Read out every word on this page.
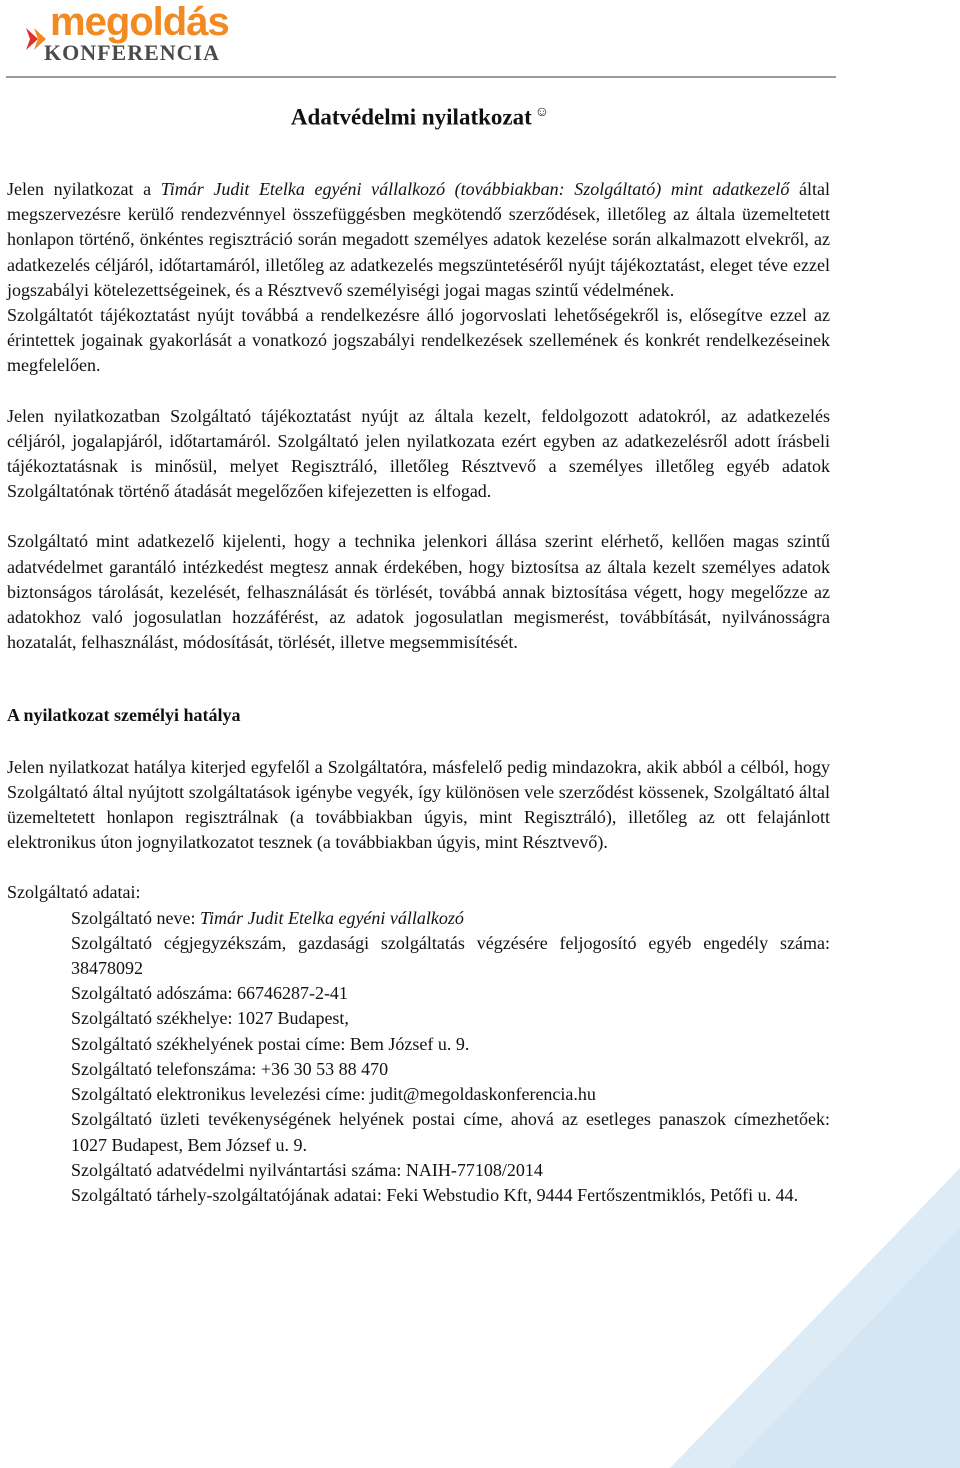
megoldás
KONFERENCIA
Adatvédelmi nyilatkozat ☺

Jelen nyilatkozat a Timár Judit Etelka egyéni vállalkozó (továbbiakban: Szolgáltató) mint adatkezelő által megszervezésre kerülő rendezvénnyel összefüggésben megkötendő szerződések, illetőleg az általa üzemeltetett honlapon történő, önkéntes regisztráció során megadott személyes adatok kezelése során alkalmazott elvekről, az adatkezelés céljáról, időtartamáról, illetőleg az adatkezelés megszüntetéséről nyújt tájékoztatást, eleget téve ezzel jogszabályi kötelezettségeinek, és a Résztvevő személyiségi jogai magas szintű védelmének.

Szolgáltatót tájékoztatást nyújt továbbá a rendelkezésre álló jogorvoslati lehetőségekről is, elősegítve ezzel az érintettek jogainak gyakorlását a vonatkozó jogszabályi rendelkezések szellemének és konkrét rendelkezéseinek megfelelően.

Jelen nyilatkozatban Szolgáltató tájékoztatást nyújt az általa kezelt, feldolgozott adatokról, az adatkezelés céljáról, jogalapjáról, időtartamáról. Szolgáltató jelen nyilatkozata ezért egyben az adatkezelésről adott írásbeli tájékoztatásnak is minősül, melyet Regisztráló, illetőleg Résztvevő a személyes illetőleg egyéb adatok Szolgáltatónak történő átadását megelőzően kifejezetten is elfogad.

Szolgáltató mint adatkezelő kijelenti, hogy a technika jelenkori állása szerint elérhető, kellően magas szintű adatvédelmet garantáló intézkedést megtesz annak érdekében, hogy biztosítsa az általa kezelt személyes adatok biztonságos tárolását, kezelését, felhasználását és törlését, továbbá annak biztosítása végett, hogy megelőzze az adatokhoz való jogosulatlan hozzáférést, az adatok jogosulatlan megismerést, továbbítását, nyilvánosságra hozatalát, felhasználást, módosítását, törlését, illetve megsemmisítését.

A nyilatkozat személyi hatálya

Jelen nyilatkozat hatálya kiterjed egyfelől a Szolgáltatóra, másfelelő pedig mindazokra, akik abból a célból, hogy Szolgáltató által nyújtott szolgáltatások igénybe vegyék, így különösen vele szerződést kössenek, Szolgáltató által üzemeltetett honlapon regisztrálnak (a továbbiakban úgyis, mint Regisztráló), illetőleg az ott felajánlott elektronikus úton jognyilatkozatot tesznek (a továbbiakban úgyis, mint Résztvevő).

Szolgáltató adatai:
Szolgáltató neve: Timár Judit Etelka egyéni vállalkozó
Szolgáltató cégjegyzékszám, gazdasági szolgáltatás végzésére feljogosító egyéb engedély száma: 38478092
Szolgáltató adószáma: 66746287-2-41
Szolgáltató székhelye: 1027 Budapest,
Szolgáltató székhelyének postai címe: Bem József u. 9.
Szolgáltató telefonszáma: +36 30 53 88 470
Szolgáltató elektronikus levelezési címe: judit@megoldaskonferencia.hu
Szolgáltató üzleti tevékenységének helyének postai címe, ahová az esetleges panaszok címezhetőek: 1027 Budapest, Bem József u. 9.
Szolgáltató adatvédelmi nyilvántartási száma: NAIH-77108/2014
Szolgáltató tárhely-szolgáltatójának adatai: Feki Webstudio Kft, 9444 Fertőszentmiklós, Petőfi u. 44.
